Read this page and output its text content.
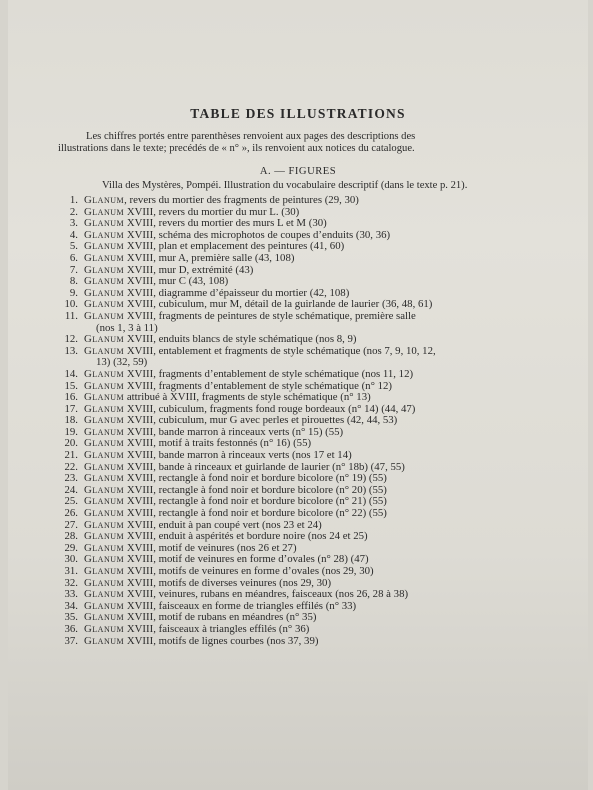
TABLE DES ILLUSTRATIONS

Les chiffres portés entre parenthèses renvoient aux pages des descriptions des

illustrations dans le texte; precédés de « n° », ils renvoient aux notices du catalogue.
A. — FIGURES
Villa des Mystères, Pompéi. Illustration du vocabulaire descriptif (dans le texte p. 21).
1. Glanum, revers du mortier des fragments de peintures (29, 30)
2. Glanum XVIII, revers du mortier du mur L. (30)
3. Glanum XVIII, revers du mortier des murs L et M (30)
4. Glanum XVIII, schéma des microphotos de coupes d’enduits (30, 36)
5. Glanum XVIII, plan et emplacement des peintures (41, 60)
6. Glanum XVIII, mur A, première salle (43, 108)
7. Glanum XVIII, mur D, extrémité (43)
8. Glanum XVIII, mur C (43, 108)
9. Glanum XVIII, diagramme d’épaisseur du mortier (42, 108)
10. Glanum XVIII, cubiculum, mur M, détail de la guirlande de laurier (36, 48, 61)
11. Glanum XVIII, fragments de peintures de style schématique, première salle
(nos 1, 3 à 11)
12. Glanum XVIII, enduits blancs de style schématique (nos 8, 9)
13. Glanum XVIII, entablement et fragments de style schématique (nos 7, 9, 10, 12,
13) (32, 59)
14. Glanum XVIII, fragments d’entablement de style schématique (nos 11, 12)
15. Glanum XVIII, fragments d’entablement de style schématique (n° 12)
16. Glanum attribué à XVIII, fragments de style schématique (n° 13)
17. Glanum XVIII, cubiculum, fragments fond rouge bordeaux (n° 14) (44, 47)
18. Glanum XVIII, cubiculum, mur G avec perles et pirouettes (42, 44, 53)
19. Glanum XVIII, bande marron à rinceaux verts (n° 15) (55)
20. Glanum XVIII, motif à traits festonnés (n° 16) (55)
21. Glanum XVIII, bande marron à rinceaux verts (nos 17 et 14)
22. Glanum XVIII, bande à rinceaux et guirlande de laurier (n° 18b) (47, 55)
23. Glanum XVIII, rectangle à fond noir et bordure bicolore (n° 19) (55)
24. Glanum XVIII, rectangle à fond noir et bordure bicolore (n° 20) (55)
25. Glanum XVIII, rectangle à fond noir et bordure bicolore (n° 21) (55)
26. Glanum XVIII, rectangle à fond noir et bordure bicolore (n° 22) (55)
27. Glanum XVIII, enduit à pan coupé vert (nos 23 et 24)
28. Glanum XVIII, enduit à aspérités et bordure noire (nos 24 et 25)
29. Glanum XVIII, motif de veinures (nos 26 et 27)
30. Glanum XVIII, motif de veinures en forme d’ovales (n° 28) (47)
31. Glanum XVIII, motifs de veinures en forme d’ovales (nos 29, 30)
32. Glanum XVIII, motifs de diverses veinures (nos 29, 30)
33. Glanum XVIII, veinures, rubans en méandres, faisceaux (nos 26, 28 à 38)
34. Glanum XVIII, faisceaux en forme de triangles effilés (n° 33)
35. Glanum XVIII, motif de rubans en méandres (n° 35)
36. Glanum XVIII, faisceaux à triangles effilés (n° 36)
37. Glanum XVIII, motifs de lignes courbes (nos 37, 39)
